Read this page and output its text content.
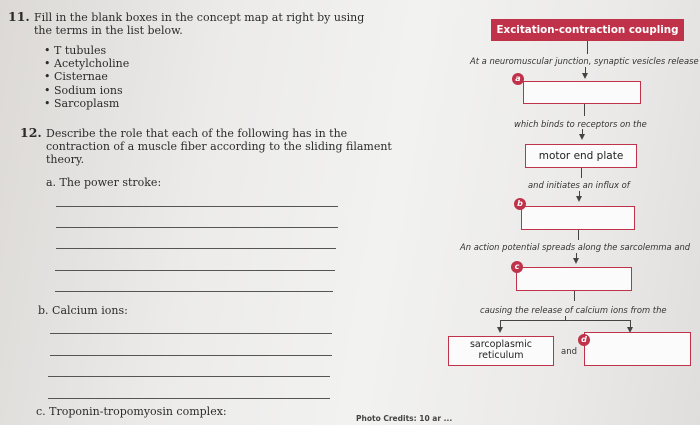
11. Fill in the blank boxes in the concept map at right by using
the terms in the list below.
• T tubules
• Acetylcholine
• Cisternae
• Sodium ions
• Sarcoplasm
12. Describe the role that each of the following has in the
contraction of a muscle fiber according to the sliding filament
theory.
a. The power stroke:
b. Calcium ions:
c. Troponin-tropomyosin complex:
Photo Credits: 10 ar ...
Excitation-contraction coupling
At a neuromuscular junction, synaptic vesicles release
a
which binds to receptors on the
motor end plate
and initiates an influx of
b
An action potential spreads along the sarcolemma and
c
causing the release of calcium ions from the
sarcoplasmic
reticulum	and
d
